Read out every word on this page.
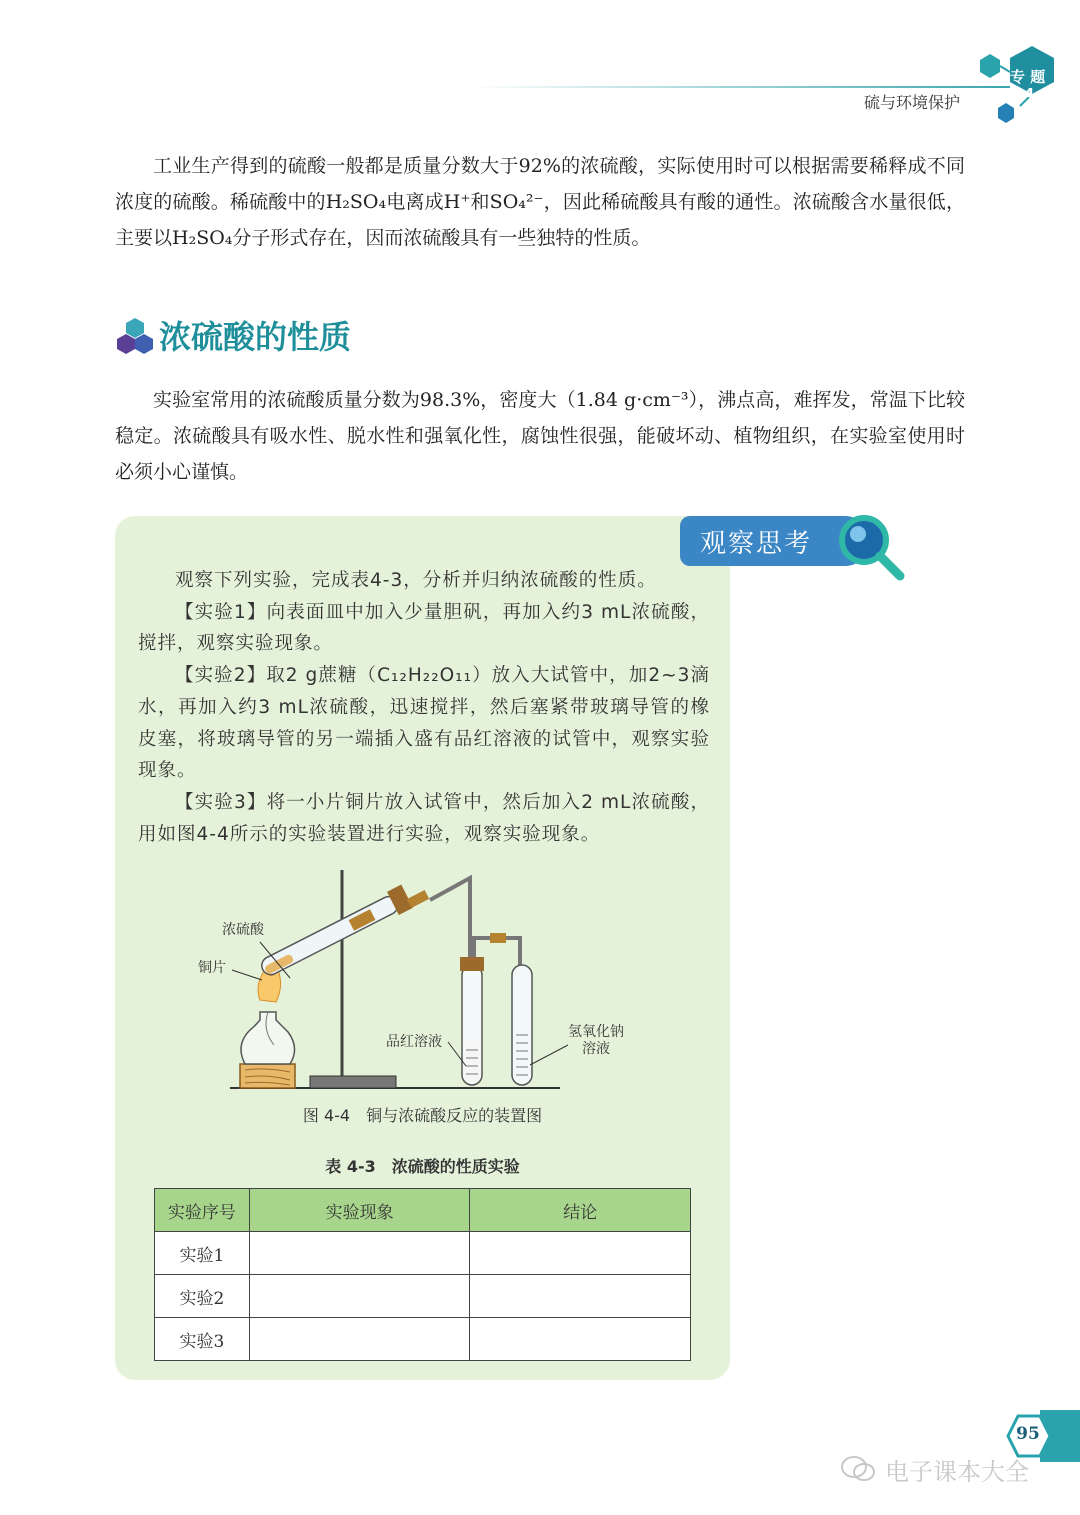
硫与环境保护
专 题
4

工业生产得到的硫酸一般都是质量分数大于92%的浓硫酸，实际使用时可以根据需要稀释成不同浓度的硫酸。稀硫酸中的H₂SO₄电离成H⁺和SO₄²⁻，因此稀硫酸具有酸的通性。浓硫酸含水量很低，主要以H₂SO₄分子形式存在，因而浓硫酸具有一些独特的性质。

浓硫酸的性质

实验室常用的浓硫酸质量分数为98.3%，密度大（1.84 g·cm⁻³），沸点高，难挥发，常温下比较稳定。浓硫酸具有吸水性、脱水性和强氧化性，腐蚀性很强，能破坏动、植物组织，在实验室使用时必须小心谨慎。

观察思考

观察下列实验，完成表4-3，分析并归纳浓硫酸的性质。

【实验1】向表面皿中加入少量胆矾，再加入约3 mL浓硫酸，搅拌，观察实验现象。

【实验2】取2 g蔗糖（C₁₂H₂₂O₁₁）放入大试管中，加2~3滴水，再加入约3 mL浓硫酸，迅速搅拌，然后塞紧带玻璃导管的橡皮塞，将玻璃导管的另一端插入盛有品红溶液的试管中，观察实验现象。

【实验3】将一小片铜片放入试管中，然后加入2 mL浓硫酸，用如图4-4所示的实验装置进行实验，观察实验现象。

浓硫酸
铜片
品红溶液
氢氧化钠
溶液
图 4-4　铜与浓硫酸反应的装置图
表 4-3　浓硫酸的性质实验
实验序号	实验现象	结论
实验1		
实验2		
实验3		
95
电子课本大全
